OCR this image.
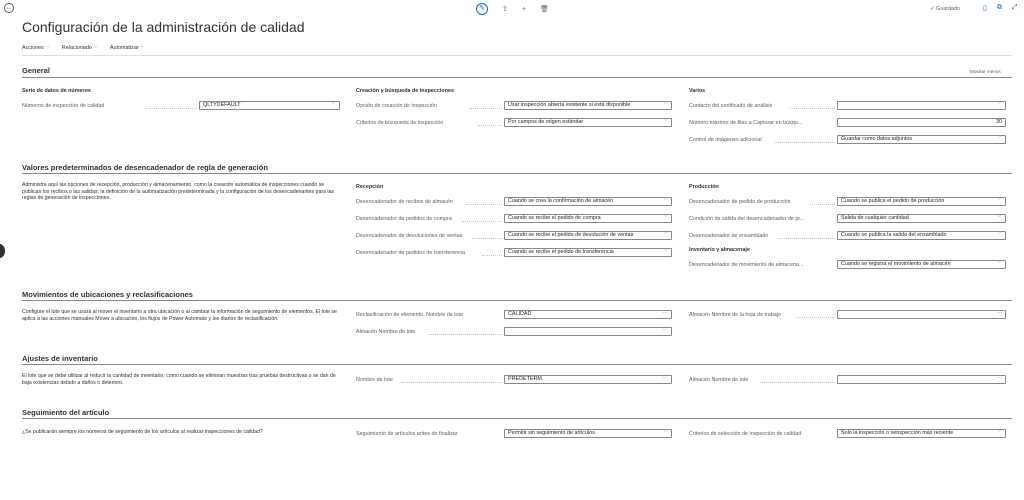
←	✎	⇪ + 🗑	✓ Guardado	▯ ⧉ ⤢
Configuración de la administración de calidad
Acciones ﹀ Relacionado ﹀ Automatizar ﹀
General	Mostrar menos
Serie de datos de números
Números de inspección de calidad	QLTYDEFAULT	﹀
Creación y búsqueda de inspecciones
Opción de creación de inspección	Usar inspección abierta existente si está disponible	﹀
Criterios de búsqueda de inspección	Por campos de origen estándar	﹀
Varios
Contacto del certificado de análisis	﹀
Número máximo de filas a Capturar en búsqu...	30
Control de imágenes adicional	Guardar como datos adjuntos	﹀
Valores predeterminados de desencadenador de regla de generación
Administra aquí las opciones de recepción, producción y almacenamiento, como la creación automática de inspecciones cuando se publican los recibos o las salidas; la definición de la automatización predeterminada y la configuración de los desencadenantes para las reglas de generación de inspecciones.
Recepción
Desencadenador de recibos de almacén	Cuando se crea la confirmación de almacén	﹀
Desencadenador de pedidos de compra	Cuando se recibe el pedido de compra	﹀
Desencadenador de devoluciones de ventas	Cuando se recibe el pedido de devolución de ventas	﹀
Desencadenador de pedidos de transferencia	Cuando se recibe el pedido de transferencia	﹀
Producción
Desencadenador de pedido de producción	Cuando se publica el pedido de producción	﹀
Condición de salida del desencadenador de pr...	Salida de cualquier cantidad	﹀
Desencadenador de ensamblado	Cuando se publica la salida del ensamblado	﹀
Inventario y almacenaje
Desencadenador de movimiento de almacena...	Cuando se registra el movimiento de almacén	﹀
Movimientos de ubicaciones y reclasificaciones
Configure el lote que se usará al mover el inventario a otra ubicación o al cambiar la información de seguimiento de elementos. El lote se aplica a las acciones manuales Mover a ubicación, los flujos de Power Automate y los diarios de reclasificación.
Reclasificación de elemento. Nombre de lote	CALIDAD	···
Almacén Nombre de lote	···
Almacén Nombre de la hoja de trabajo	···
Ajustes de inventario
El lote que se debe utilizar al reducir la cantidad de inventario, como cuando se eliminan muestras tras pruebas destructivas o se dan de baja existencias debido a daños o deterioro.	Nombre de lote	PREDETERM.	···	Almacén Nombre de lote	···
Seguimiento del artículo
¿Se publicarán siempre los números de seguimiento de los artículos al realizar inspecciones de calidad?	Seguimiento de artículos antes de finalizar	Permitir sin seguimiento de artículos	﹀	Criterios de selección de inspección de calidad	Solo la inspección o reinspección más reciente	﹀
